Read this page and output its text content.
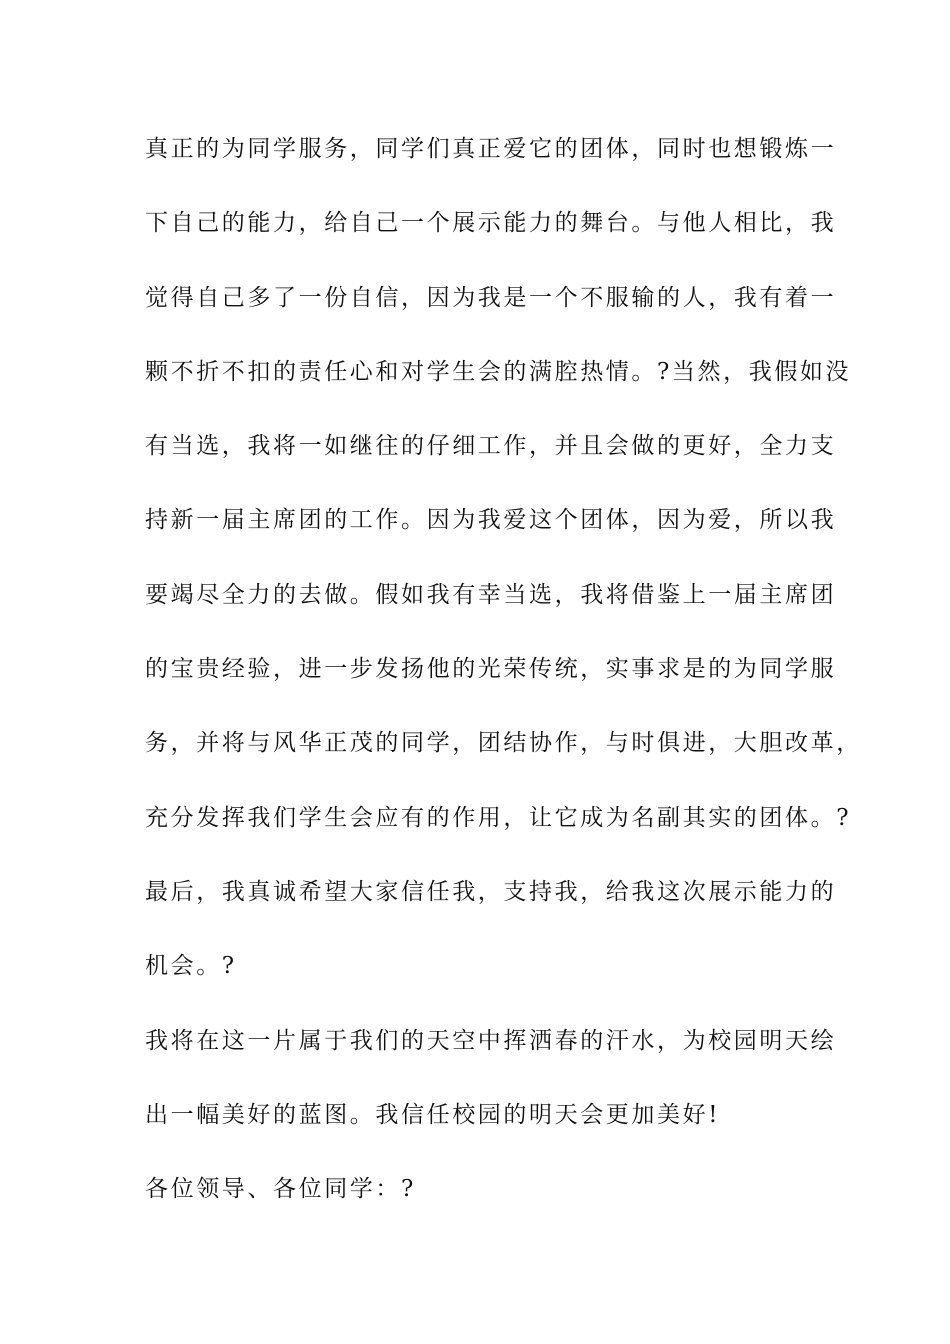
真正的为同学服务，同学们真正爱它的团体，同时也想锻炼一
下自己的能力，给自己一个展示能力的舞台。与他人相比，我
觉得自己多了一份自信，因为我是一个不服输的人，我有着一
颗不折不扣的责任心和对学生会的满腔热情。?当然，我假如没
有当选，我将一如继往的仔细工作，并且会做的更好，全力支
持新一届主席团的工作。因为我爱这个团体，因为爱，所以我
要竭尽全力的去做。假如我有幸当选，我将借鉴上一届主席团
的宝贵经验，进一步发扬他的光荣传统，实事求是的为同学服
务，并将与风华正茂的同学，团结协作，与时俱进，大胆改革，
充分发挥我们学生会应有的作用，让它成为名副其实的团体。?
最后，我真诚希望大家信任我，支持我，给我这次展示能力的
机会。?
我将在这一片属于我们的天空中挥洒春的汗水，为校园明天绘
出一幅美好的蓝图。我信任校园的明天会更加美好!
各位领导、各位同学：?
